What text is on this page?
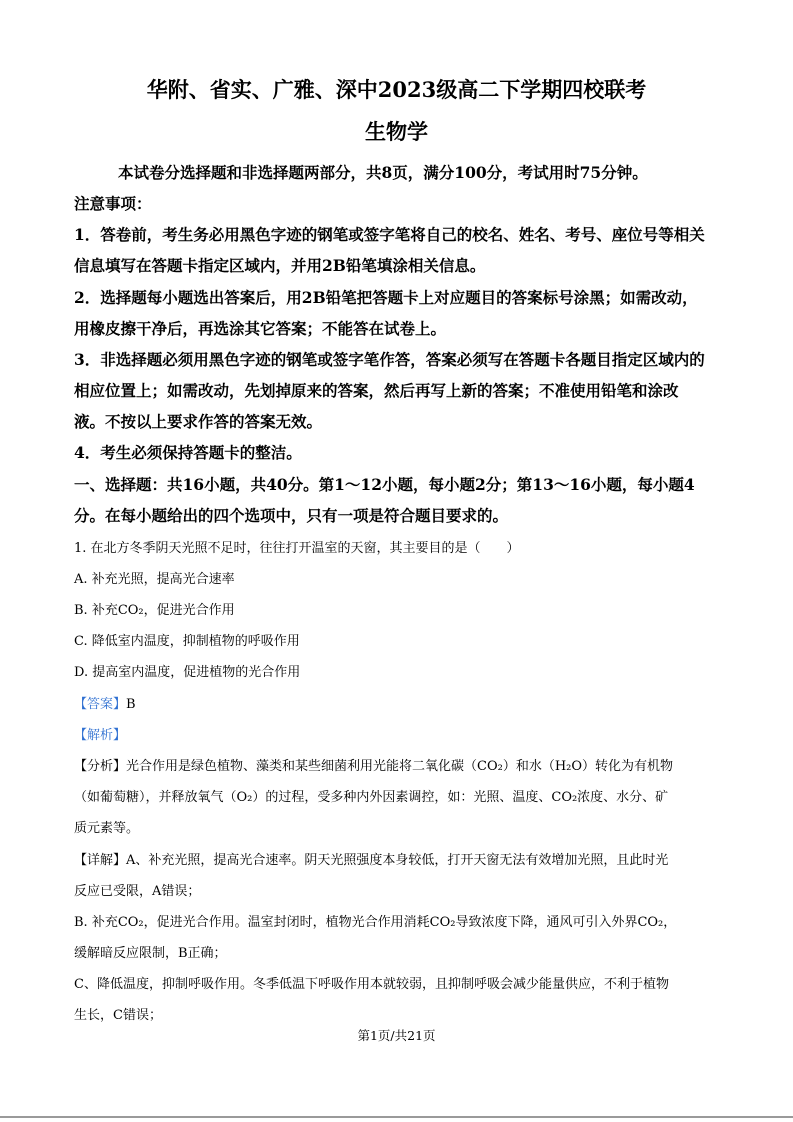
华附、省实、广雅、深中2023级高二下学期四校联考
生物学
本试卷分选择题和非选择题两部分，共8页，满分100分，考试用时75分钟。
注意事项：
1．答卷前，考生务必用黑色字迹的钢笔或签字笔将自己的校名、姓名、考号、座位号等相关
信息填写在答题卡指定区域内，并用2B铅笔填涂相关信息。
2．选择题每小题选出答案后，用2B铅笔把答题卡上对应题目的答案标号涂黑；如需改动，
用橡皮擦干净后，再选涂其它答案；不能答在试卷上。
3．非选择题必须用黑色字迹的钢笔或签字笔作答，答案必须写在答题卡各题目指定区域内的
相应位置上；如需改动，先划掉原来的答案，然后再写上新的答案；不准使用铅笔和涂改
液。不按以上要求作答的答案无效。
4．考生必须保持答题卡的整洁。
一、选择题：共16小题，共40分。第1～12小题，每小题2分；第13～16小题，每小题4
分。在每小题给出的四个选项中，只有一项是符合题目要求的。
1. 在北方冬季阴天光照不足时，往往打开温室的天窗，其主要目的是（　　）
A. 补充光照，提高光合速率
B. 补充CO₂，促进光合作用
C. 降低室内温度，抑制植物的呼吸作用
D. 提高室内温度，促进植物的光合作用
【答案】B
【解析】
【分析】光合作用是绿色植物、藻类和某些细菌利用光能将二氧化碳（CO₂）和水（H₂O）转化为有机物
（如葡萄糖），并释放氧气（O₂）的过程，受多种内外因素调控，如：光照、温度、CO₂浓度、水分、矿
质元素等。
【详解】A、补充光照，提高光合速率。阴天光照强度本身较低，打开天窗无法有效增加光照，且此时光
反应已受限，A错误；
B. 补充CO₂，促进光合作用。温室封闭时，植物光合作用消耗CO₂导致浓度下降，通风可引入外界CO₂，
缓解暗反应限制，B正确；
C、降低温度，抑制呼吸作用。冬季低温下呼吸作用本就较弱，且抑制呼吸会减少能量供应，不利于植物
生长，C错误；
第1页/共21页
